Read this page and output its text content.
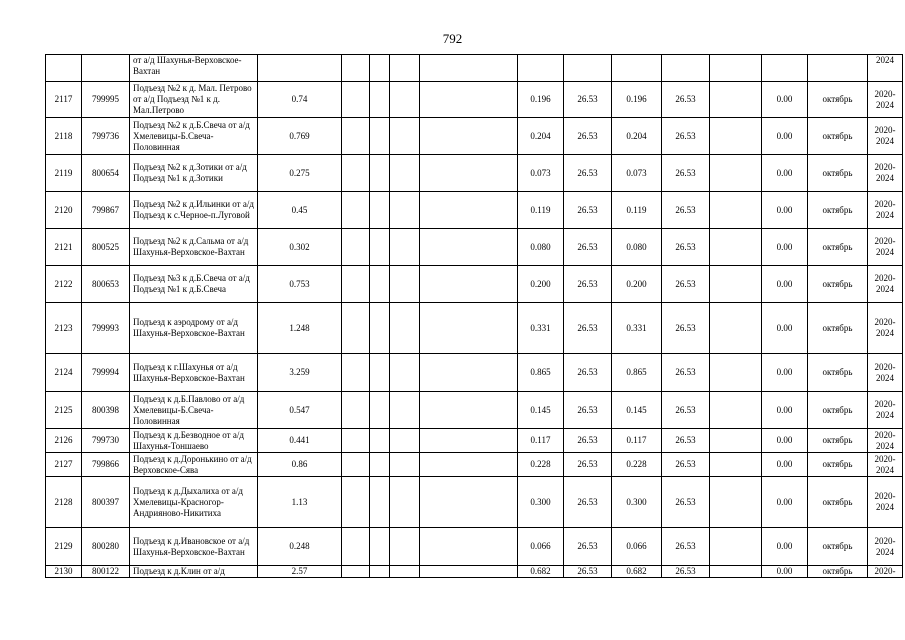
792
		от а/д Шахунья-Верховское-Вахтан													2024
2117	799995	Подъезд №2 к д. Мал. Петрово от а/д Подъезд №1 к д. Мал.Петрово	0.74					0.196	26.53	0.196	26.53		0.00	октябрь	2020-2024
2118	799736	Подъезд №2 к д.Б.Свеча от а/д Хмелевицы-Б.Свеча-Половинная	0.769					0.204	26.53	0.204	26.53		0.00	октябрь	2020-2024
2119	800654	Подъезд №2 к д.Зотики от а/д Подъезд №1 к д.Зотики	0.275					0.073	26.53	0.073	26.53		0.00	октябрь	2020-2024
2120	799867	Подъезд №2 к д.Ильинки от а/д Подъезд к с.Черное-п.Луговой	0.45					0.119	26.53	0.119	26.53		0.00	октябрь	2020-2024
2121	800525	Подъезд №2 к д.Сальма от а/д Шахунья-Верховское-Вахтан	0.302					0.080	26.53	0.080	26.53		0.00	октябрь	2020-2024
2122	800653	Подъезд №3 к д.Б.Свеча от а/д Подъезд №1 к д.Б.Свеча	0.753					0.200	26.53	0.200	26.53		0.00	октябрь	2020-2024
2123	799993	Подъезд к аэродрому от а/д Шахунья-Верховское-Вахтан	1.248					0.331	26.53	0.331	26.53		0.00	октябрь	2020-2024
2124	799994	Подъезд к г.Шахунья от а/д Шахунья-Верховское-Вахтан	3.259					0.865	26.53	0.865	26.53		0.00	октябрь	2020-2024
2125	800398	Подъезд к д.Б.Павлово от а/д Хмелевицы-Б.Свеча-Половинная	0.547					0.145	26.53	0.145	26.53		0.00	октябрь	2020-2024
2126	799730	Подъезд к д.Безводное от а/д Шахунья-Тоншаево	0.441					0.117	26.53	0.117	26.53		0.00	октябрь	2020-2024
2127	799866	Подъезд к д.Доронькино от а/д Верховское-Сява	0.86					0.228	26.53	0.228	26.53		0.00	октябрь	2020-2024
2128	800397	Подъезд к д.Дыхалиха от а/д Хмелевицы-Красногор-Андрияново-Никитиха	1.13					0.300	26.53	0.300	26.53		0.00	октябрь	2020-2024
2129	800280	Подъезд к д.Ивановское от а/д Шахунья-Верховское-Вахтан	0.248					0.066	26.53	0.066	26.53		0.00	октябрь	2020-2024
2130	800122	Подъезд к д.Клин от а/д	2.57					0.682	26.53	0.682	26.53		0.00	октябрь	2020-
